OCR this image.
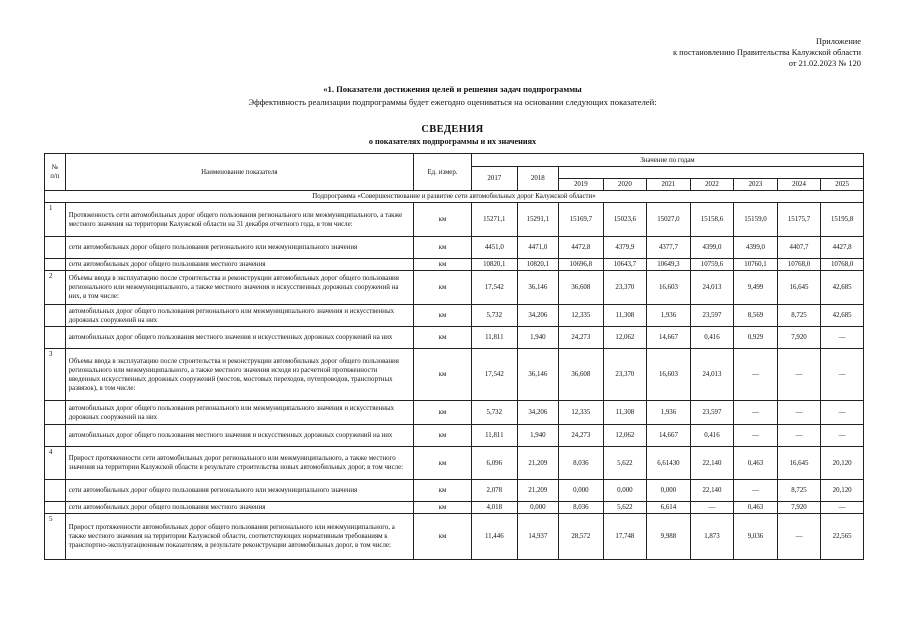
Приложение
к постановлению Правительства Калужской области
от 21.02.2023 № 120
«1. Показатели достижения целей и решения задач подпрограммы
Эффективность реализации подпрограммы будет ежегодно оцениваться на основании следующих показателей:
СВЕДЕНИЯ
о показателях подпрограммы и их значениях
№ п/п	Наименование показателя	Ед. измер.	Значение по годам								
			2017	2018							
					2019	2020	2021	2022	2023	2024	2025
Подпрограмма «Совершенствование и развитие сети автомобильных дорог Калужской области»											
1	Протяженность сети автомобильных дорог общего пользования регионального или межмуниципального, а также местного значения на территории Калужской области на 31 декабря отчетного года, в том числе:	км	15271,1	15291,1	15169,7	15023,6	15027,0	15158,6	15159,0	15175,7	15195,8
	сети автомобильных дорог общего пользования регионального или межмуниципального значения	км	4451,0	4471,0	4472,8	4379,9	4377,7	4399,0	4399,0	4407,7	4427,8
	сети автомобильных дорог общего пользования местного значения	км	10820,1	10820,1	10696,8	10643,7	10649,3	10759,6	10760,1	10768,0	10768,0
2	Объемы ввода в эксплуатацию после строительства и реконструкции автомобильных дорог общего пользования регионального или межмуниципального, а также местного значения и искусственных дорожных сооружений на них, в том числе:	км	17,542	36,146	36,608	23,370	16,603	24,013	9,499	16,645	42,685
	автомобильных дорог общего пользования регионального или межмуниципального значения и искусственных дорожных сооружений на них	км	5,732	34,206	12,335	11,308	1,936	23,597	8,569	8,725	42,685
	автомобильных дорог общего пользования местного значения и искусственных дорожных сооружений на них	км	11,811	1,940	24,273	12,062	14,667	0,416	0,929	7,920	—
3	Объемы ввода в эксплуатацию после строительства и реконструкции автомобильных дорог общего пользования регионального или межмуниципального, а также местного значения исходя из расчетной протяженности введенных искусственных дорожных сооружений (мостов, мостовых переходов, путепроводов, транспортных развязок), в том числе:	км	17,542	36,146	36,608	23,370	16,603	24,013	—	—	—
	автомобильных дорог общего пользования регионального или межмуниципального значения и искусственных дорожных сооружений на них	км	5,732	34,206	12,335	11,308	1,936	23,597	—	—	—
	автомобильных дорог общего пользования местного значения и искусственных дорожных сооружений на них	км	11,811	1,940	24,273	12,062	14,667	0,416	—	—	—
4	Прирост протяженности сети автомобильных дорог регионального или межмуниципального, а также местного значения на территории Калужской области в результате строительства новых автомобильных дорог, в том числе:	км	6,096	21,209	8,036	5,622	6,61430	22,140	0,463	16,645	20,120
	сети автомобильных дорог общего пользования регионального или межмуниципального значения	км	2,078	21,209	0,000	0,000	0,000	22,140	—	8,725	20,120
	сети автомобильных дорог общего пользования местного значения	км	4,018	0,000	8,036	5,622	6,614	—	0,463	7,920	—
5	Прирост протяженности автомобильных дорог общего пользования регионального или межмуниципального, а также местного значения на территории Калужской области, соответствующих нормативным требованиям к транспортно-эксплуатационным показателям, в результате реконструкции автомобильных дорог, в том числе:	км	11,446	14,937	28,572	17,748	9,988	1,873	9,036	—	22,565
